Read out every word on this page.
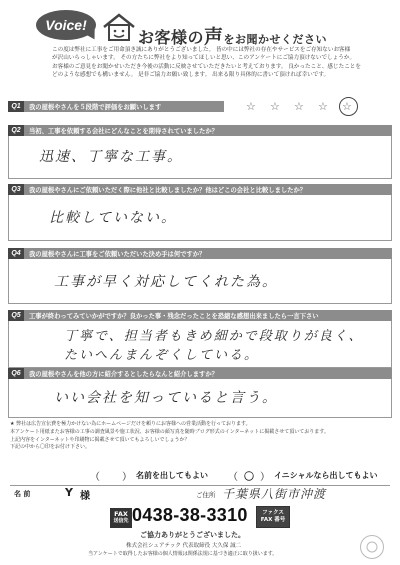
Voice!
お客様の声をお聞かせください
この度は弊社に工事をご用命頂き誠にありがとうございました。 皆の中には弊社の存在やサービスをご存知ないお客様
が沢山いらっしゃいます。 その方たちに弊社をより知ってほしいと思い、このアンケートにご協力頂けないでしょうか。
お客様のご意見をお聞かせいただき今後の活動に反映させていただきたいと考えております。 良かったこと、感じたことを
どのような感想でも構いません。 是非ご協力お願い致します。 出来る限り具体的に書いて頂ければ幸いです。
Q1	我の屋根やさんを５段階で評価をお願いします	☆ ☆ ☆ ☆ ☆
Q2	当初、工事を依頼する会社にどんなことを期待されていましたか？
迅速、丁寧な工事。
Q3	我の屋根やさんにご依頼いただく際に他社と比較しましたか？他はどこの会社と比較しましたか？
比較していない。
Q4	我の屋根やさんに工事をご依頼いただいた決め手は何ですか？
工事が早く対応してくれた為。
Q5	工事が終わってみていかがですか？良かった事・残念だったことを恐縮な感想出来ましたら一言下さい
丁寧で、担当者もきめ細かで段取りが良く、
たいへんまんぞくしている。
Q6	我の屋根やさんを他の方に紹介するとしたらなんと紹介しますか？
いい会社を知っていると言う。
★ 弊社は広告宣伝費を極力かけない為にホームページだけを頼りにお客様への営業活動を行っております。
本アンケート用紙またお客様の工事の調査風景や施工状況、お客様の顔写真を随時ブログ形式のインターネットに掲載させて頂いております。
上記内容をインターネットや印刷物に掲載させて頂いてもよろしいでしょうか？
下記の中から〇印をお付け下さい。
（ ） 名前を出してもよい （ 〇 ） イニシャルなら出してもよい
名 前	Y 様	ご住所 千葉県八街市沖渡
FAX
送信先 0438-38-3310	ファクス
FAX 番号
ご協力ありがとうございました。
株式会社シェアテック 代表取締役 大久保 誠二
当アンケートで取得したお客様の個人情報は関係法規に基づき適正に取り扱います。
